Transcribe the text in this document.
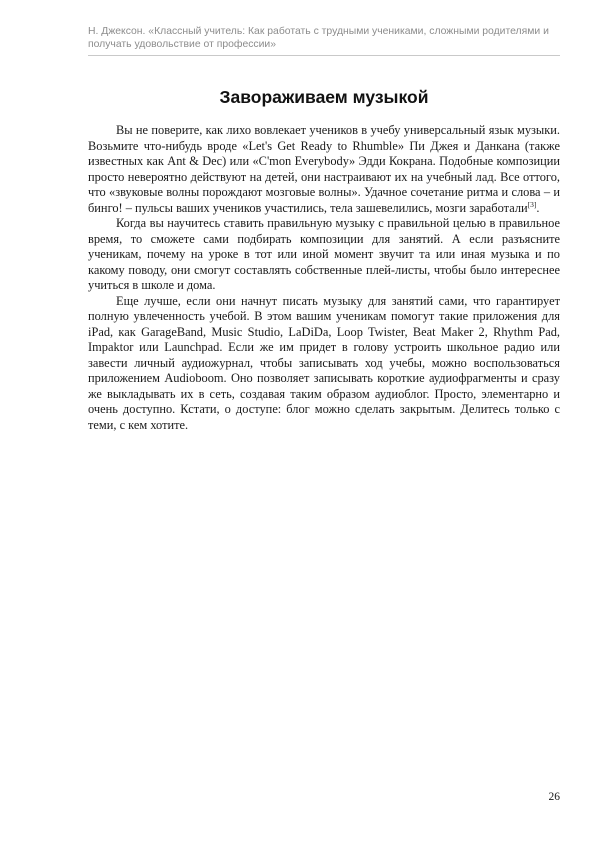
Н. Джексон. «Классный учитель: Как работать с трудными учениками, сложными родителями и получать удовольствие от профессии»
Завораживаем музыкой

Вы не поверите, как лихо вовлекает учеников в учебу универсальный язык музыки. Возьмите что-нибудь вроде «Let's Get Ready to Rhumble» Пи Джея и Данкана (также известных как Ant & Dec) или «C'mon Everybody» Эдди Кокрана. Подобные композиции просто невероятно действуют на детей, они настраивают их на учебный лад. Все оттого, что «звуковые волны порождают мозговые волны». Удачное сочетание ритма и слова – и бинго! – пульсы ваших учеников участились, тела зашевелились, мозги заработали[3].

Когда вы научитесь ставить правильную музыку с правильной целью в правильное время, то сможете сами подбирать композиции для занятий. А если разъясните ученикам, почему на уроке в тот или иной момент звучит та или иная музыка и по какому поводу, они смогут составлять собственные плей-листы, чтобы было интереснее учиться в школе и дома.

Еще лучше, если они начнут писать музыку для занятий сами, что гарантирует полную увлеченность учебой. В этом вашим ученикам помогут такие приложения для iPad, как GarageBand, Music Studio, LaDiDa, Loop Twister, Beat Maker 2, Rhythm Pad, Impaktor или Launchpad. Если же им придет в голову устроить школьное радио или завести личный аудиожурнал, чтобы записывать ход учебы, можно воспользоваться приложением Audioboom. Оно позволяет записывать короткие аудиофрагменты и сразу же выкладывать их в сеть, создавая таким образом аудиоблог. Просто, элементарно и очень доступно. Кстати, о доступе: блог можно сделать закрытым. Делитесь только с теми, с кем хотите.

26
